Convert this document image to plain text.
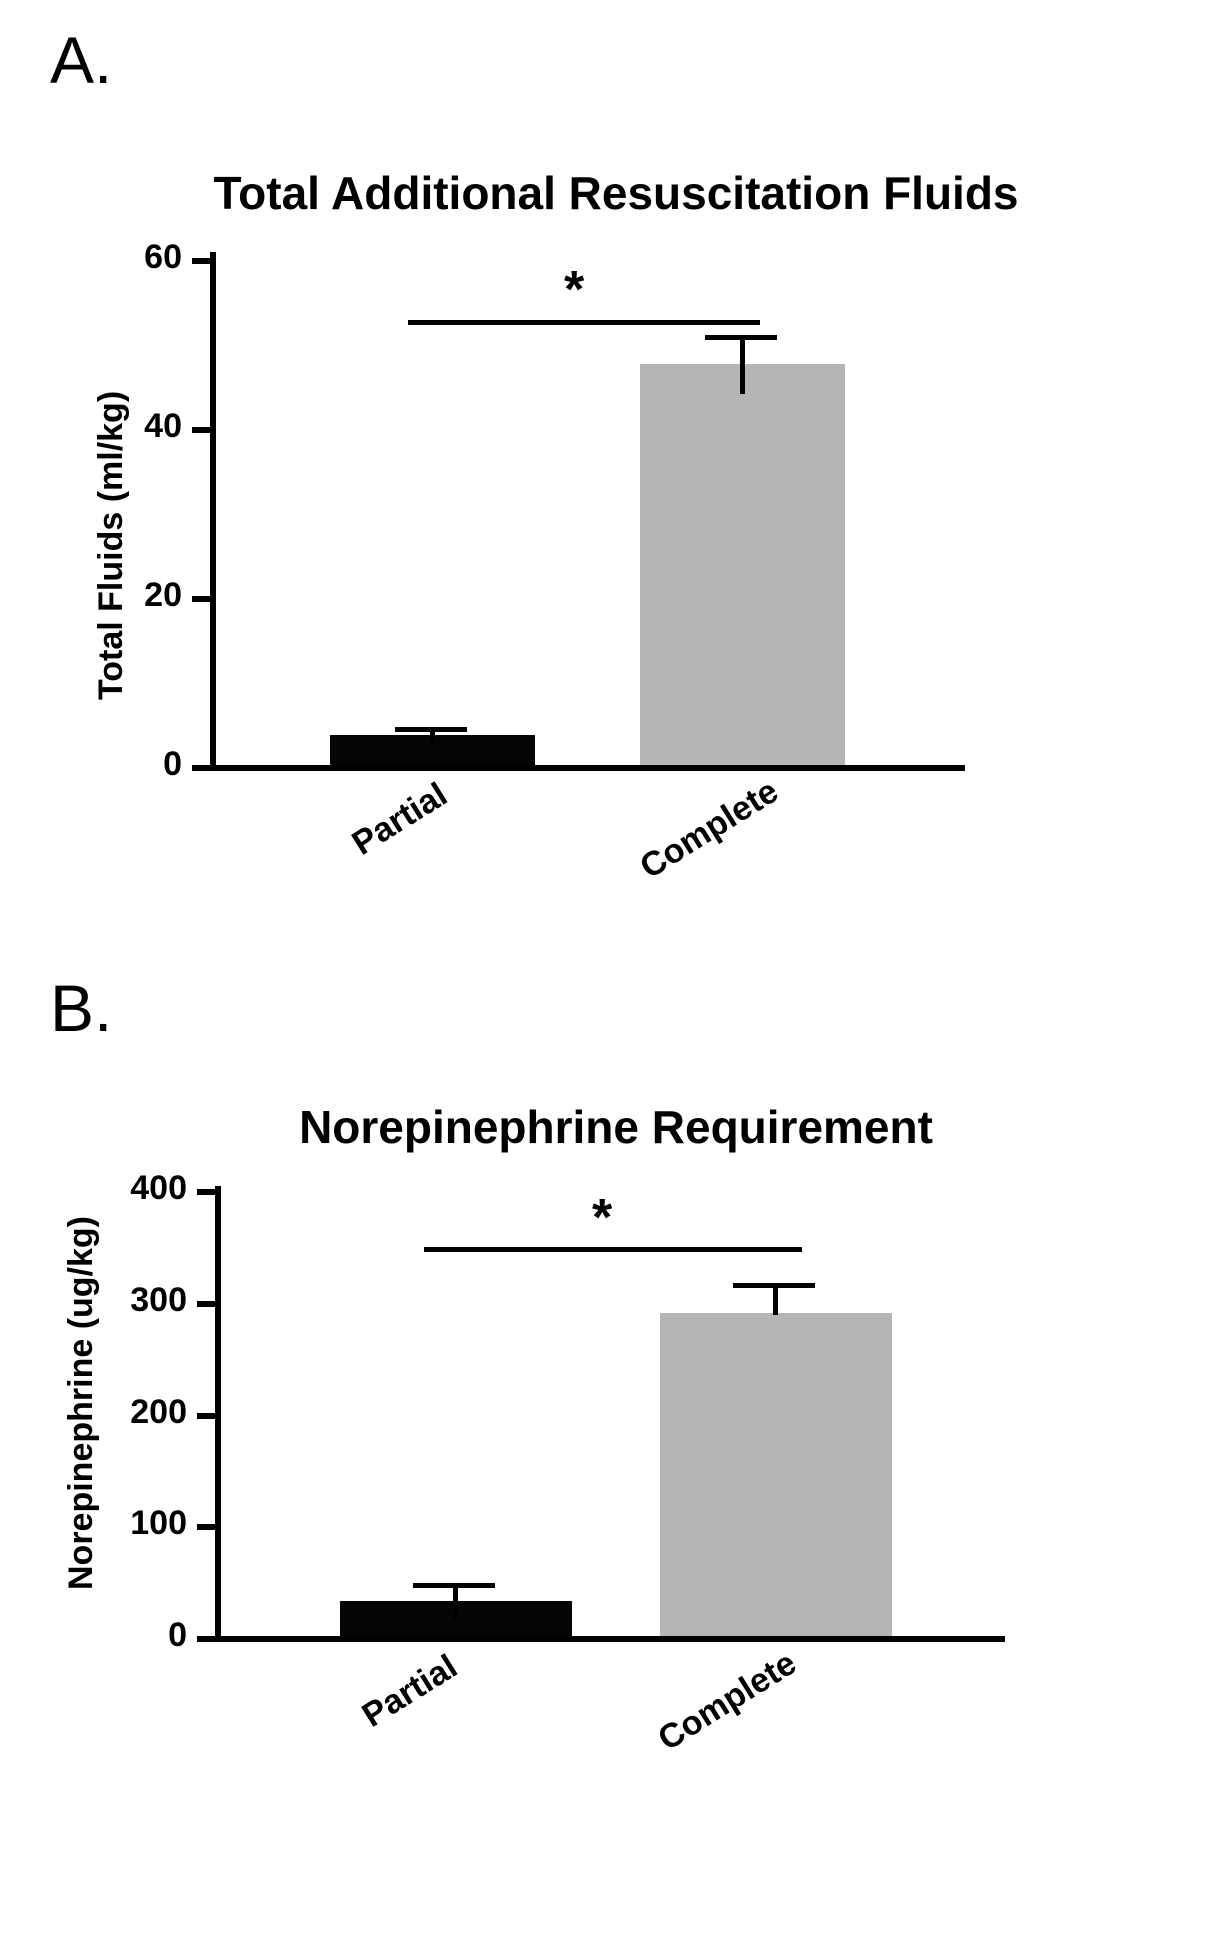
A.
Total Additional Resuscitation Fluids
0
20
40
60
Total Fluids (ml/kg)
*
Partial	Complete
B.
Norepinephrine Requirement
0
100
200
300
400
Norepinephrine (ug/kg)	*
Partial	Complete
